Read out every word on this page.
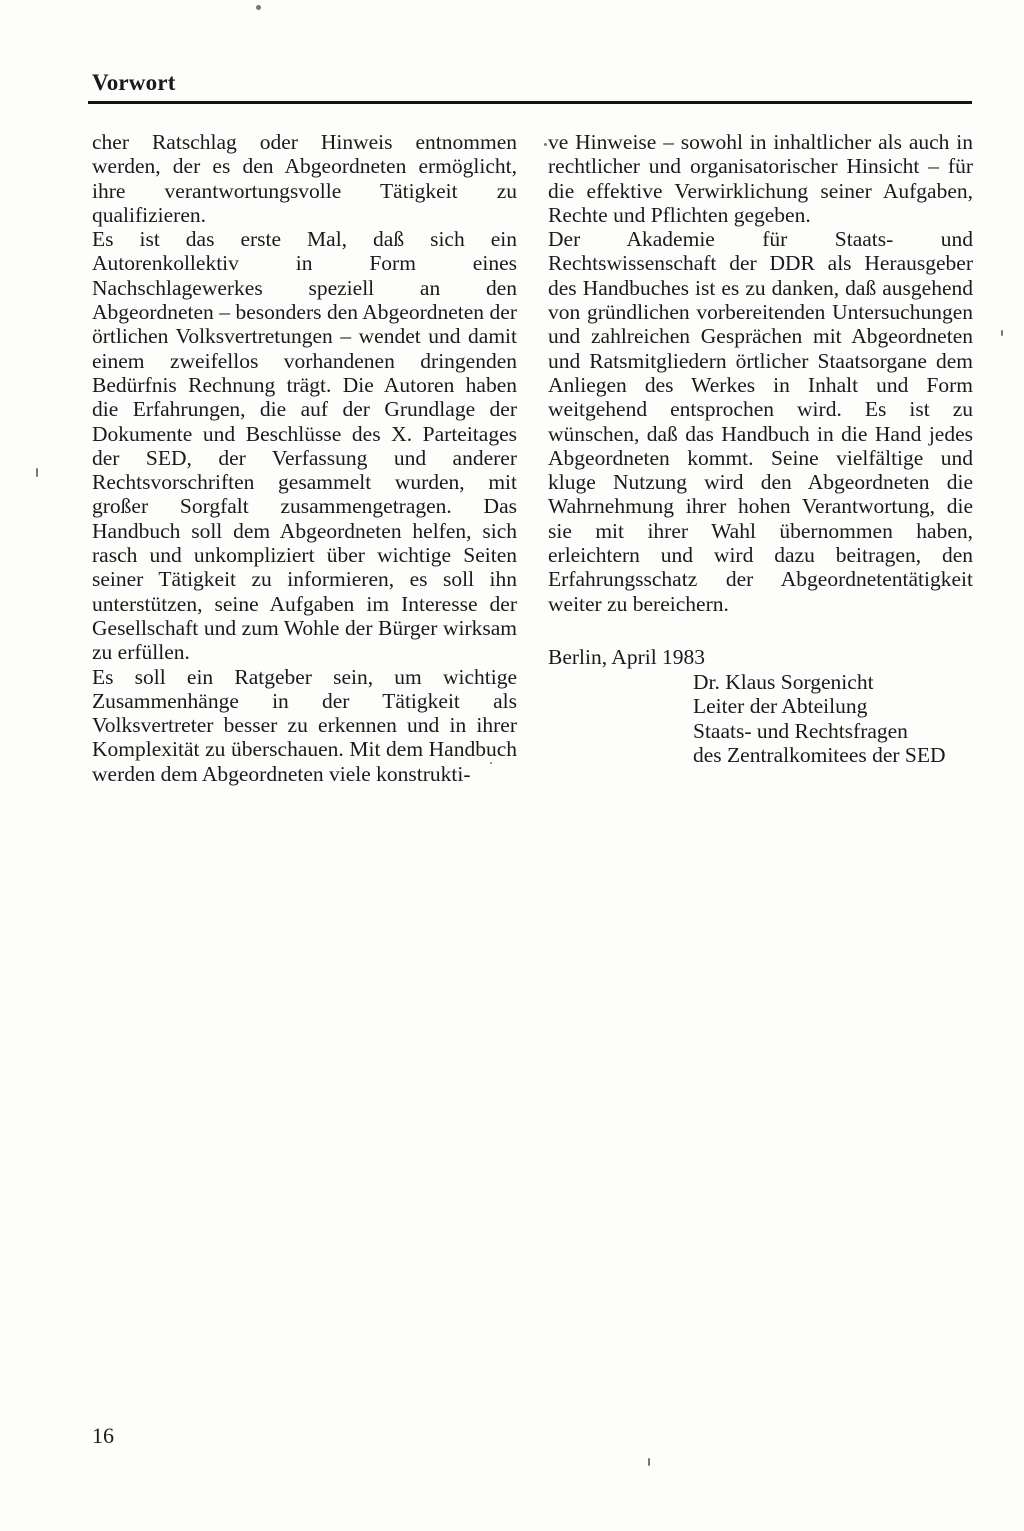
Vorwort

cher Ratschlag oder Hinweis entnommen werden, der es den Abgeordneten ermöglicht, ihre verantwortungsvolle Tätigkeit zu qualifizieren.

Es ist das erste Mal, daß sich ein Autorenkollektiv in Form eines Nachschlagewerkes speziell an den Abgeordneten – besonders den Abgeordneten der örtlichen Volksvertretungen – wendet und damit einem zweifellos vorhandenen dringenden Bedürfnis Rechnung trägt. Die Autoren haben die Erfahrungen, die auf der Grundlage der Dokumente und Beschlüsse des X. Parteitages der SED, der Verfassung und anderer Rechtsvorschriften gesammelt wurden, mit großer Sorgfalt zusammengetragen. Das Handbuch soll dem Abgeordneten helfen, sich rasch und unkompliziert über wichtige Seiten seiner Tätigkeit zu informieren, es soll ihn unterstützen, seine Aufgaben im Interesse der Gesellschaft und zum Wohle der Bürger wirksam zu erfüllen.

Es soll ein Ratgeber sein, um wichtige Zusammenhänge in der Tätigkeit als Volksvertreter besser zu erkennen und in ihrer Komplexität zu überschauen. Mit dem Handbuch werden dem Abgeordneten viele konstrukti-

ve Hinweise – sowohl in inhaltlicher als auch in rechtlicher und organisatorischer Hinsicht – für die effektive Verwirklichung seiner Aufgaben, Rechte und Pflichten gegeben.

Der Akademie für Staats- und Rechtswissenschaft der DDR als Herausgeber des Handbuches ist es zu danken, daß ausgehend von gründlichen vorbereitenden Untersuchungen und zahlreichen Gesprächen mit Abgeordneten und Ratsmitgliedern örtlicher Staatsorgane dem Anliegen des Werkes in Inhalt und Form weitgehend entsprochen wird. Es ist zu wünschen, daß das Handbuch in die Hand jedes Abgeordneten kommt. Seine vielfältige und kluge Nutzung wird den Abgeordneten die Wahrnehmung ihrer hohen Verantwortung, die sie mit ihrer Wahl übernommen haben, erleichtern und wird dazu beitragen, den Erfahrungsschatz der Abgeordnetentätigkeit weiter zu bereichern.

Berlin, April 1983
Dr. Klaus Sorgenicht
Leiter der Abteilung
Staats- und Rechtsfragen
des Zentralkomitees der SED
16
